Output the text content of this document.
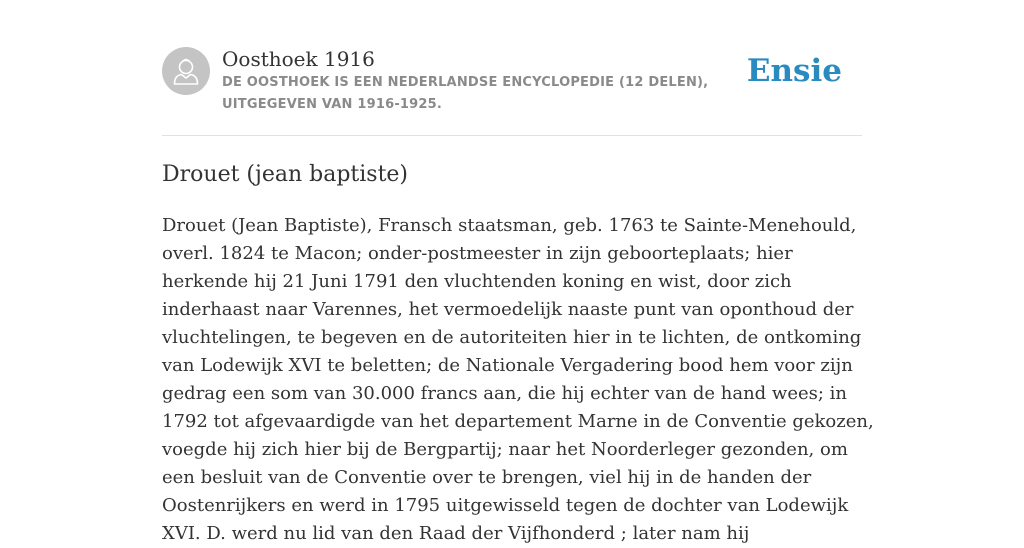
Oosthoek 1916
DE OOSTHOEK IS EEN NEDERLANDSE ENCYCLOPEDIE (12 DELEN), UITGEGEVEN VAN 1916-1925.
Ensie
Drouet (jean baptiste)

Drouet (Jean Baptiste), Fransch staatsman, geb. 1763 te Sainte-Menehould, overl. 1824 te Macon; onder-postmeester in zijn geboorteplaats; hier herkende hij 21 Juni 1791 den vluchtenden koning en wist, door zich inderhaast naar Varennes, het vermoedelijk naaste punt van oponthoud der vluchtelingen, te begeven en de autoriteiten hier in te lichten, de ontkoming van Lodewijk XVI te beletten; de Nationale Vergadering bood hem voor zijn gedrag een som van 30.000 francs aan, die hij echter van de hand wees; in 1792 tot afgevaardigde van het departement Marne in de Conventie gekozen, voegde hij zich hier bij de Bergpartij; naar het Noorderleger gezonden, om een besluit van de Conventie over te brengen, viel hij in de handen der Oostenrijkers en werd in 1795 uitgewisseld tegen de dochter van Lodewijk XVI. D. werd nu lid van den Raad der Vijfhonderd ; later nam hij
